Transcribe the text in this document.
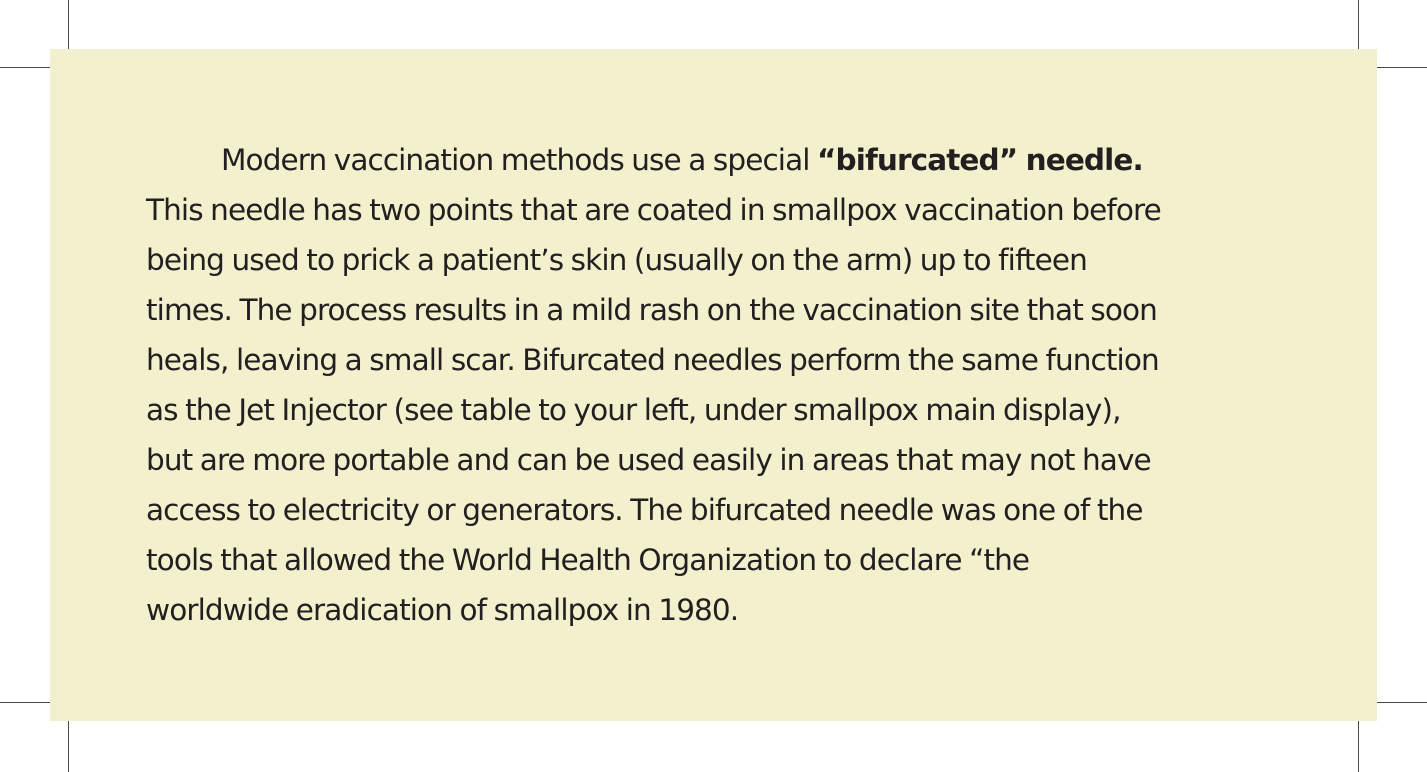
Modern vaccination methods use a special “bifurcated” needle.
This needle has two points that are coated in smallpox vaccination before
being used to prick a patient’s skin (usually on the arm) up to fifteen
times. The process results in a mild rash on the vaccination site that soon
heals, leaving a small scar. Bifurcated needles perform the same function
as the Jet Injector (see table to your left, under smallpox main display),
but are more portable and can be used easily in areas that may not have
access to electricity or generators. The bifurcated needle was one of the
tools that allowed the World Health Organization to declare “the
worldwide eradication of smallpox in 1980.
